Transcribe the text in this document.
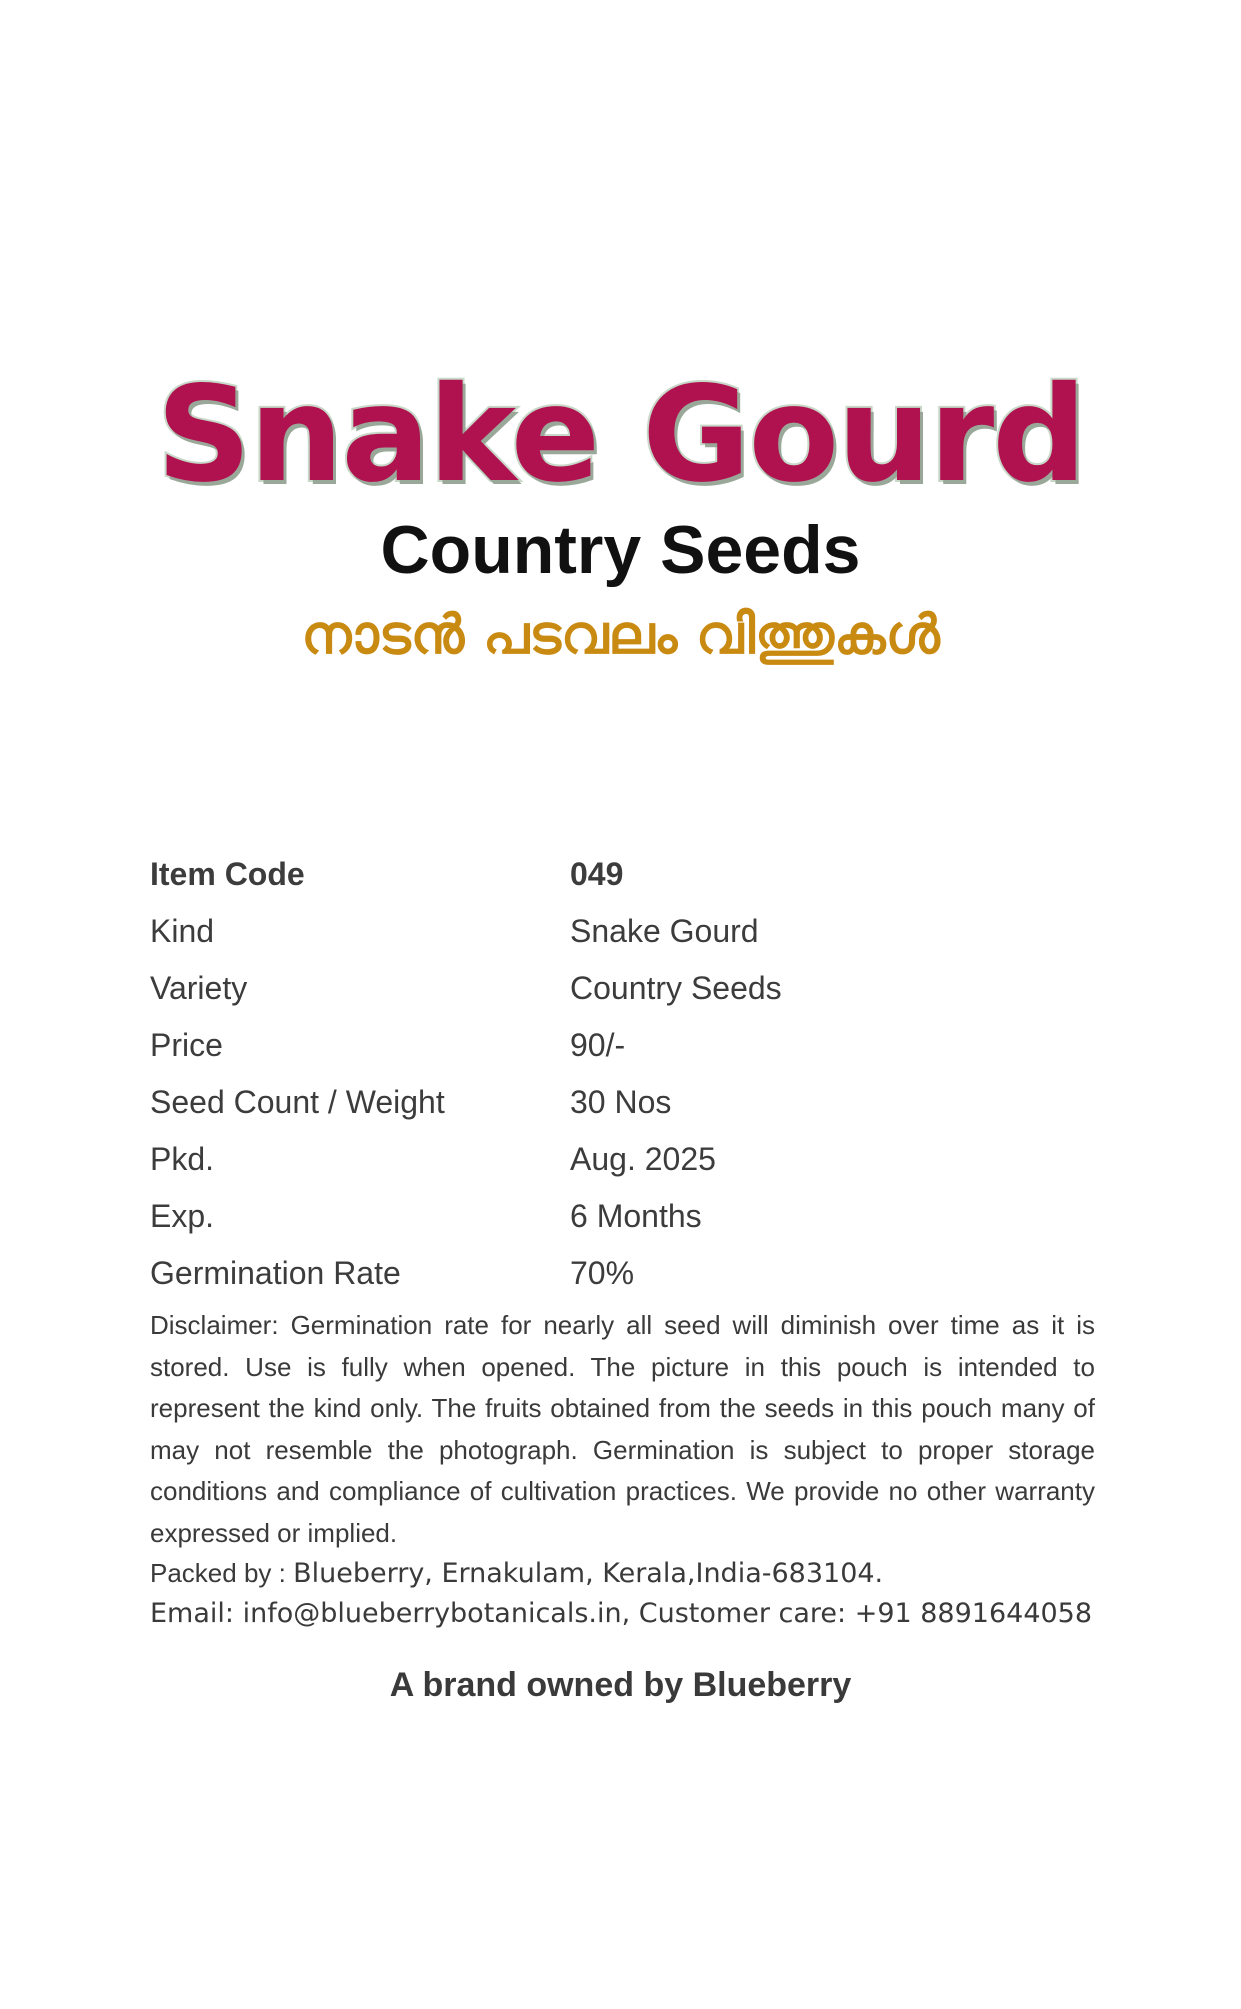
Snake Gourd
Country Seeds
നാടൻ പടവലം വിത്തുകൾ
Item Code	049
Kind	Snake Gourd
Variety	Country Seeds
Price	90/-
Seed Count / Weight	30 Nos
Pkd.	Aug. 2025
Exp.	6 Months
Germination Rate	70%

Disclaimer: Germination rate for nearly all seed will diminish over time as it is stored. Use is fully when opened. The picture in this pouch is intended to represent the kind only. The fruits obtained from the seeds in this pouch many of may not resemble the photograph. Germination is subject to proper storage conditions and compliance of cultivation practices. We provide no other warranty expressed or implied.

Packed by : Blueberry, Ernakulam, Kerala,India-683104.
Email: info@blueberrybotanicals.in, Customer care: +91 8891644058
A brand owned by Blueberry
